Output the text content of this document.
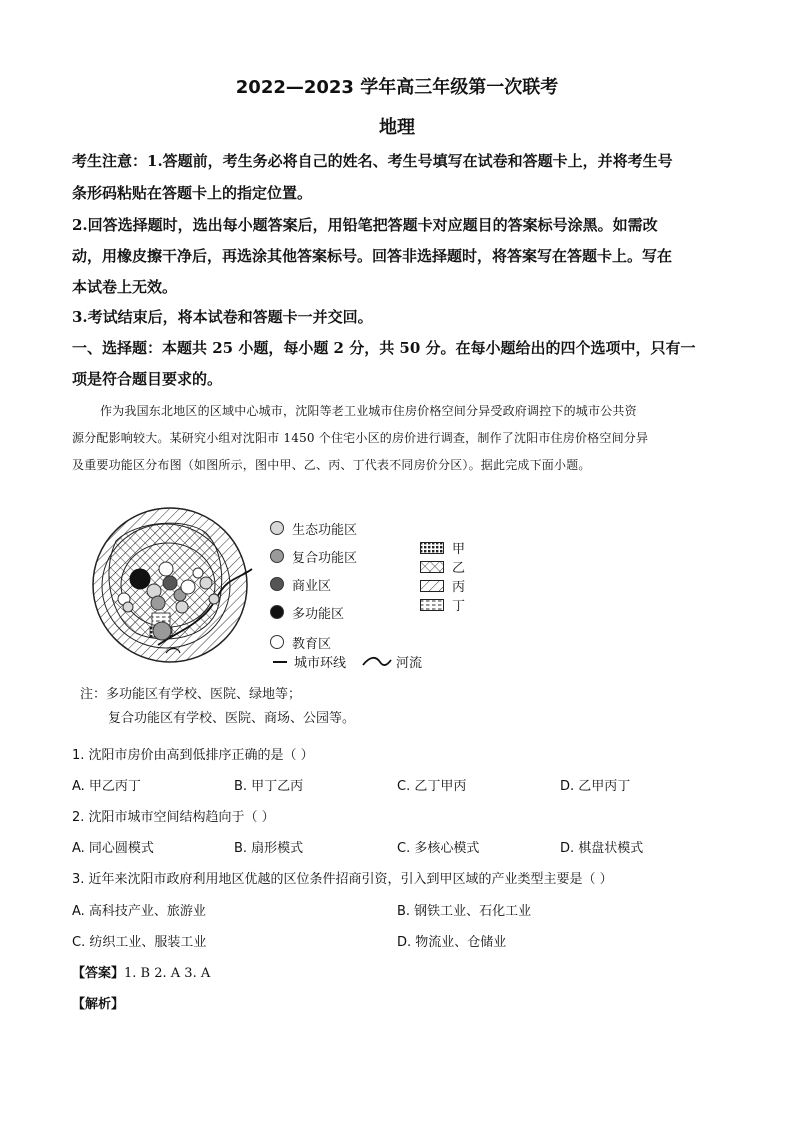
2022—2023 学年高三年级第一次联考
地理
考生注意：1.答题前，考生务必将自己的姓名、考生号填写在试卷和答题卡上，并将考生号
条形码粘贴在答题卡上的指定位置。
2.回答选择题时，选出每小题答案后，用铅笔把答题卡对应题目的答案标号涂黑。如需改
动，用橡皮擦干净后，再选涂其他答案标号。回答非选择题时，将答案写在答题卡上。写在
本试卷上无效。
3.考试结束后，将本试卷和答题卡一并交回。
一、选择题：本题共 25 小题，每小题 2 分，共 50 分。在每小题给出的四个选项中，只有一
项是符合题目要求的。
作为我国东北地区的区域中心城市，沈阳等老工业城市住房价格空间分异受政府调控下的城市公共资
源分配影响较大。某研究小组对沈阳市 1450 个住宅小区的房价进行调查，制作了沈阳市住房价格空间分异
及重要功能区分布图（如图所示，图中甲、乙、丙、丁代表不同房价分区）。据此完成下面小题。
生态功能区
复合功能区
商业区
多功能区
教育区
甲
乙
丙
丁
城市环线	河流
注：多功能区有学校、医院、绿地等；
复合功能区有学校、医院、商场、公园等。
1. 沈阳市房价由高到低排序正确的是（ ）
A. 甲乙丙丁	B. 甲丁乙丙	C. 乙丁甲丙	D. 乙甲丙丁
2. 沈阳市城市空间结构趋向于（ ）
A. 同心圆模式	B. 扇形模式	C. 多核心模式	D. 棋盘状模式
3. 近年来沈阳市政府利用地区优越的区位条件招商引资，引入到甲区域的产业类型主要是（ ）
A. 高科技产业、旅游业	B. 钢铁工业、石化工业
C. 纺织工业、服装工业	D. 物流业、仓储业
【答案】1. B 2. A 3. A
【解析】
